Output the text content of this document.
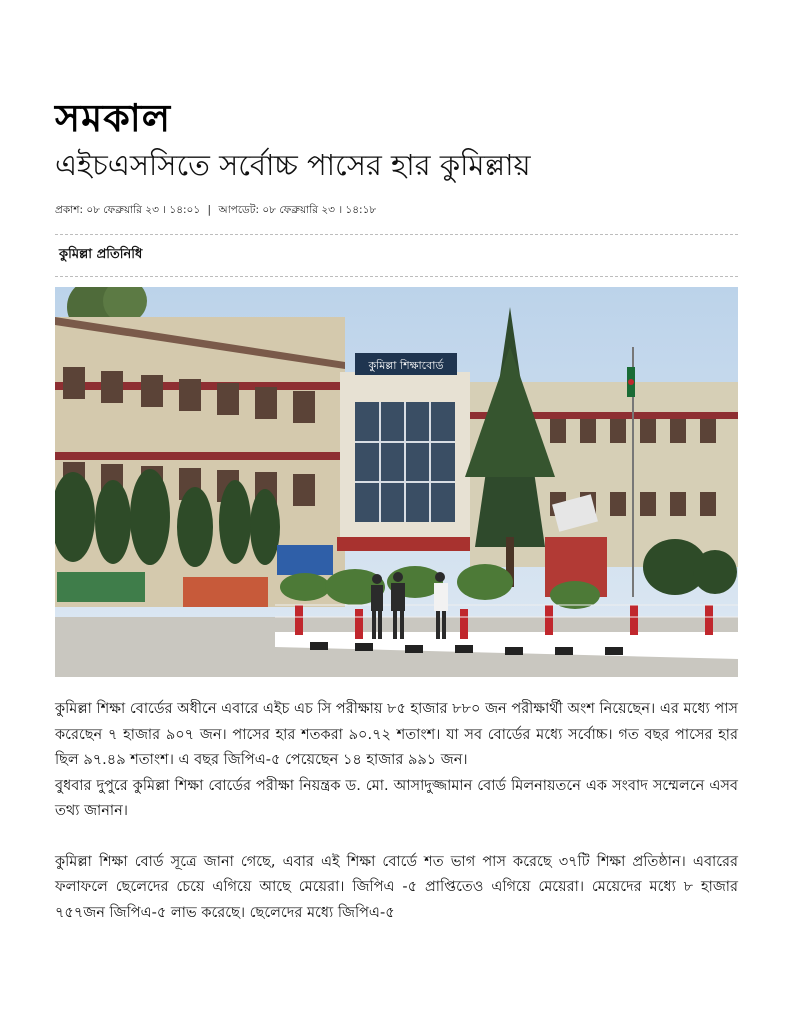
সমকাল
এইচএসসিতে সর্বোচ্চ পাসের হার কুমিল্লায়
প্রকাশ: ০৮ ফেব্রুয়ারি ২৩ । ১৪:০১ | আপডেট: ০৮ ফেব্রুয়ারি ২৩ । ১৪:১৮
কুমিল্লা প্রতিনিধি
কুমিল্লা শিক্ষাবোর্ড

কুমিল্লা শিক্ষা বোর্ডের অধীনে এবারে এইচ এচ সি পরীক্ষায় ৮৫ হাজার ৮৮০ জন পরীক্ষার্থী অংশ নিয়েছেন। এর মধ্যে পাস করেছেন ৭ হাজার ৯০৭ জন। পাসের হার শতকরা ৯০.৭২ শতাংশ। যা সব বোর্ডের মধ্যে সর্বোচ্চ। গত বছর পাসের হার ছিল ৯৭.৪৯ শতাংশ। এ বছর জিপিএ-৫ পেয়েছেন ১৪ হাজার ৯৯১ জন।

বুধবার দুপুরে কুমিল্লা শিক্ষা বোর্ডের পরীক্ষা নিয়ন্ত্রক ড. মো. আসাদুজ্জামান বোর্ড মিলনায়তনে এক সংবাদ সম্মেলনে এসব তথ্য জানান।

কুমিল্লা শিক্ষা বোর্ড সূত্রে জানা গেছে, এবার এই শিক্ষা বোর্ডে শত ভাগ পাস করেছে ৩৭টি শিক্ষা প্রতিষ্ঠান। এবারের ফলাফলে ছেলেদের চেয়ে এগিয়ে আছে মেয়েরা। জিপিএ -৫ প্রাপ্তিতেও এগিয়ে মেয়েরা। মেয়েদের মধ্যে ৮ হাজার ৭৫৭জন জিপিএ-৫ লাভ করেছে। ছেলেদের মধ্যে জিপিএ-৫
